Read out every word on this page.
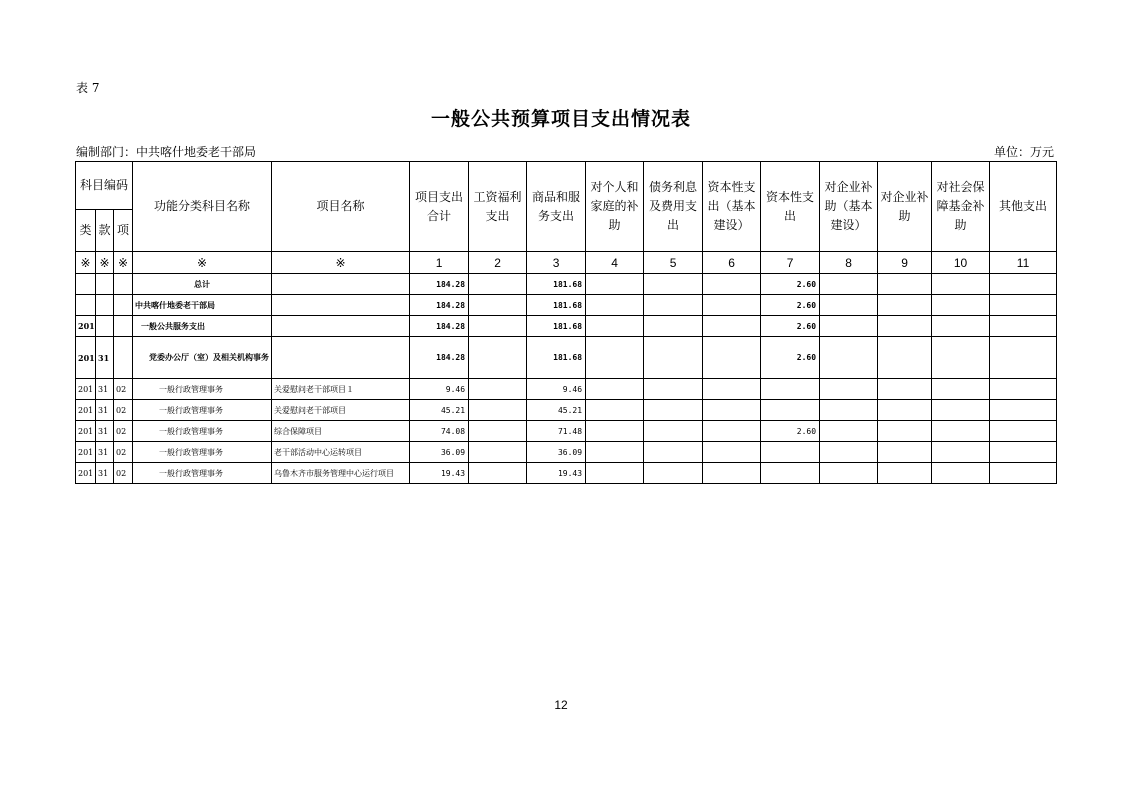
表 7
一般公共预算项目支出情况表
编制部门：中共喀什地委老干部局	单位：万元
科目编码			功能分类科目名称	项目名称	项目支出合计	工资福利支出	商品和服务支出	对个人和家庭的补助	债务利息及费用支出	资本性支出（基本建设）	资本性支出	对企业补助（基本建设）	对企业补助	对社会保障基金补助	其他支出
类	款	项													
※	※	※	※	※	1	2	3	4	5	6	7	8	9	10	11
			总计		184.28		181.68				2.60				
			中共喀什地委老干部局		184.28		181.68				2.60				
201			一般公共服务支出		184.28		181.68				2.60				
201	31		党委办公厅（室）及相关机构事务		184.28		181.68				2.60				
201	31	02	一般行政管理事务	关爱慰问老干部项目１	9.46		9.46								
201	31	02	一般行政管理事务	关爱慰问老干部项目	45.21		45.21								
201	31	02	一般行政管理事务	综合保障项目	74.08		71.48				2.60				
201	31	02	一般行政管理事务	老干部活动中心运转项目	36.09		36.09								
201	31	02	一般行政管理事务	乌鲁木齐市服务管理中心运行项目	19.43		19.43								
12
